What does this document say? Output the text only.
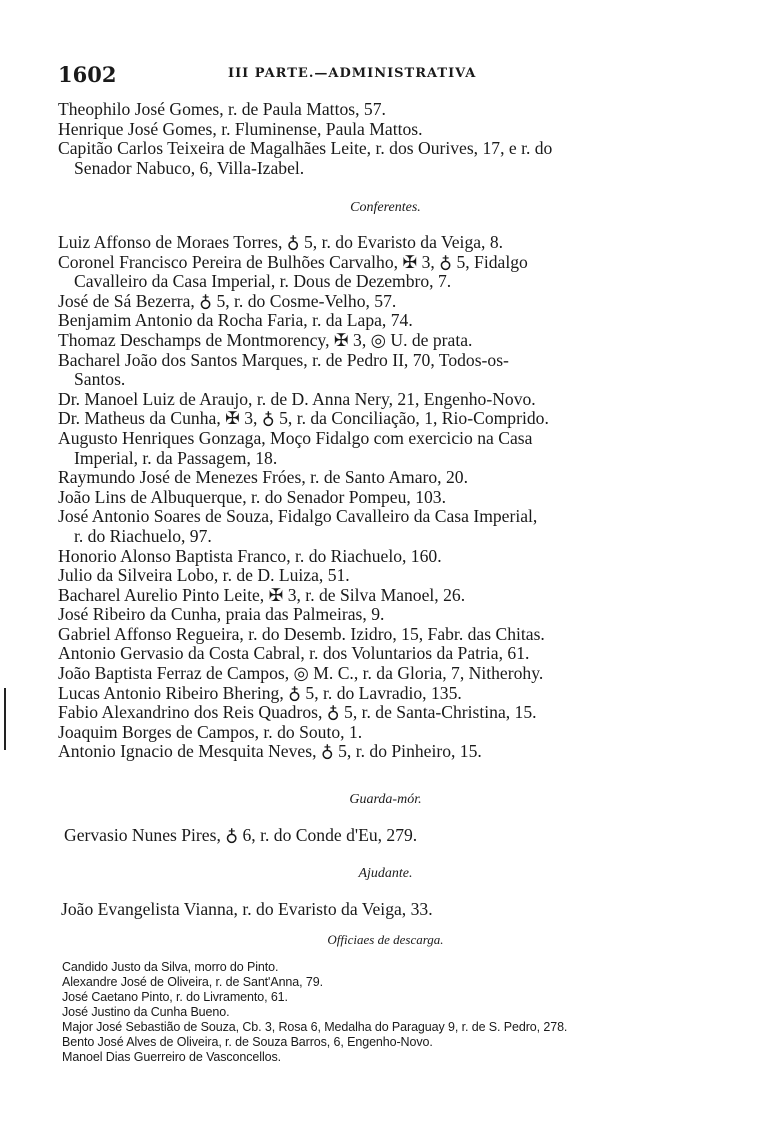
1602	III PARTE.—ADMINISTRATIVA
Theophilo José Gomes, r. de Paula Mattos, 57.
Henrique José Gomes, r. Fluminense, Paula Mattos.
Capitão Carlos Teixeira de Magalhães Leite, r. dos Ourives, 17, e r. do
Senador Nabuco, 6, Villa-Izabel.
Conferentes.
Luiz Affonso de Moraes Torres, ♁ 5, r. do Evaristo da Veiga, 8.
Coronel Francisco Pereira de Bulhões Carvalho, ✠ 3, ♁ 5, Fidalgo
Cavalleiro da Casa Imperial, r. Dous de Dezembro, 7.
José de Sá Bezerra, ♁ 5, r. do Cosme-Velho, 57.
Benjamim Antonio da Rocha Faria, r. da Lapa, 74.
Thomaz Deschamps de Montmorency, ✠ 3, ◎ U. de prata.
Bacharel João dos Santos Marques, r. de Pedro II, 70, Todos-os-
Santos.
Dr. Manoel Luiz de Araujo, r. de D. Anna Nery, 21, Engenho-Novo.
Dr. Matheus da Cunha, ✠ 3, ♁ 5, r. da Conciliação, 1, Rio-Comprido.
Augusto Henriques Gonzaga, Moço Fidalgo com exercicio na Casa
Imperial, r. da Passagem, 18.
Raymundo José de Menezes Fróes, r. de Santo Amaro, 20.
João Lins de Albuquerque, r. do Senador Pompeu, 103.
José Antonio Soares de Souza, Fidalgo Cavalleiro da Casa Imperial,
r. do Riachuelo, 97.
Honorio Alonso Baptista Franco, r. do Riachuelo, 160.
Julio da Silveira Lobo, r. de D. Luiza, 51.
Bacharel Aurelio Pinto Leite, ✠ 3, r. de Silva Manoel, 26.
José Ribeiro da Cunha, praia das Palmeiras, 9.
Gabriel Affonso Regueira, r. do Desemb. Izidro, 15, Fabr. das Chitas.
Antonio Gervasio da Costa Cabral, r. dos Voluntarios da Patria, 61.
João Baptista Ferraz de Campos, ◎ M. C., r. da Gloria, 7, Nitherohy.
Lucas Antonio Ribeiro Bhering, ♁ 5, r. do Lavradio, 135.
Fabio Alexandrino dos Reis Quadros, ♁ 5, r. de Santa-Christina, 15.
Joaquim Borges de Campos, r. do Souto, 1.
Antonio Ignacio de Mesquita Neves, ♁ 5, r. do Pinheiro, 15.
Guarda-mór.
Gervasio Nunes Pires, ♁ 6, r. do Conde d'Eu, 279.
Ajudante.
João Evangelista Vianna, r. do Evaristo da Veiga, 33.
Officiaes de descarga.
Candido Justo da Silva, morro do Pinto.
Alexandre José de Oliveira, r. de Sant'Anna, 79.
José Caetano Pinto, r. do Livramento, 61.
José Justino da Cunha Bueno.
Major José Sebastião de Souza, Cb. 3, Rosa 6, Medalha do Paraguay 9, r. de S. Pedro, 278.
Bento José Alves de Oliveira, r. de Souza Barros, 6, Engenho-Novo.
Manoel Dias Guerreiro de Vasconcellos.
